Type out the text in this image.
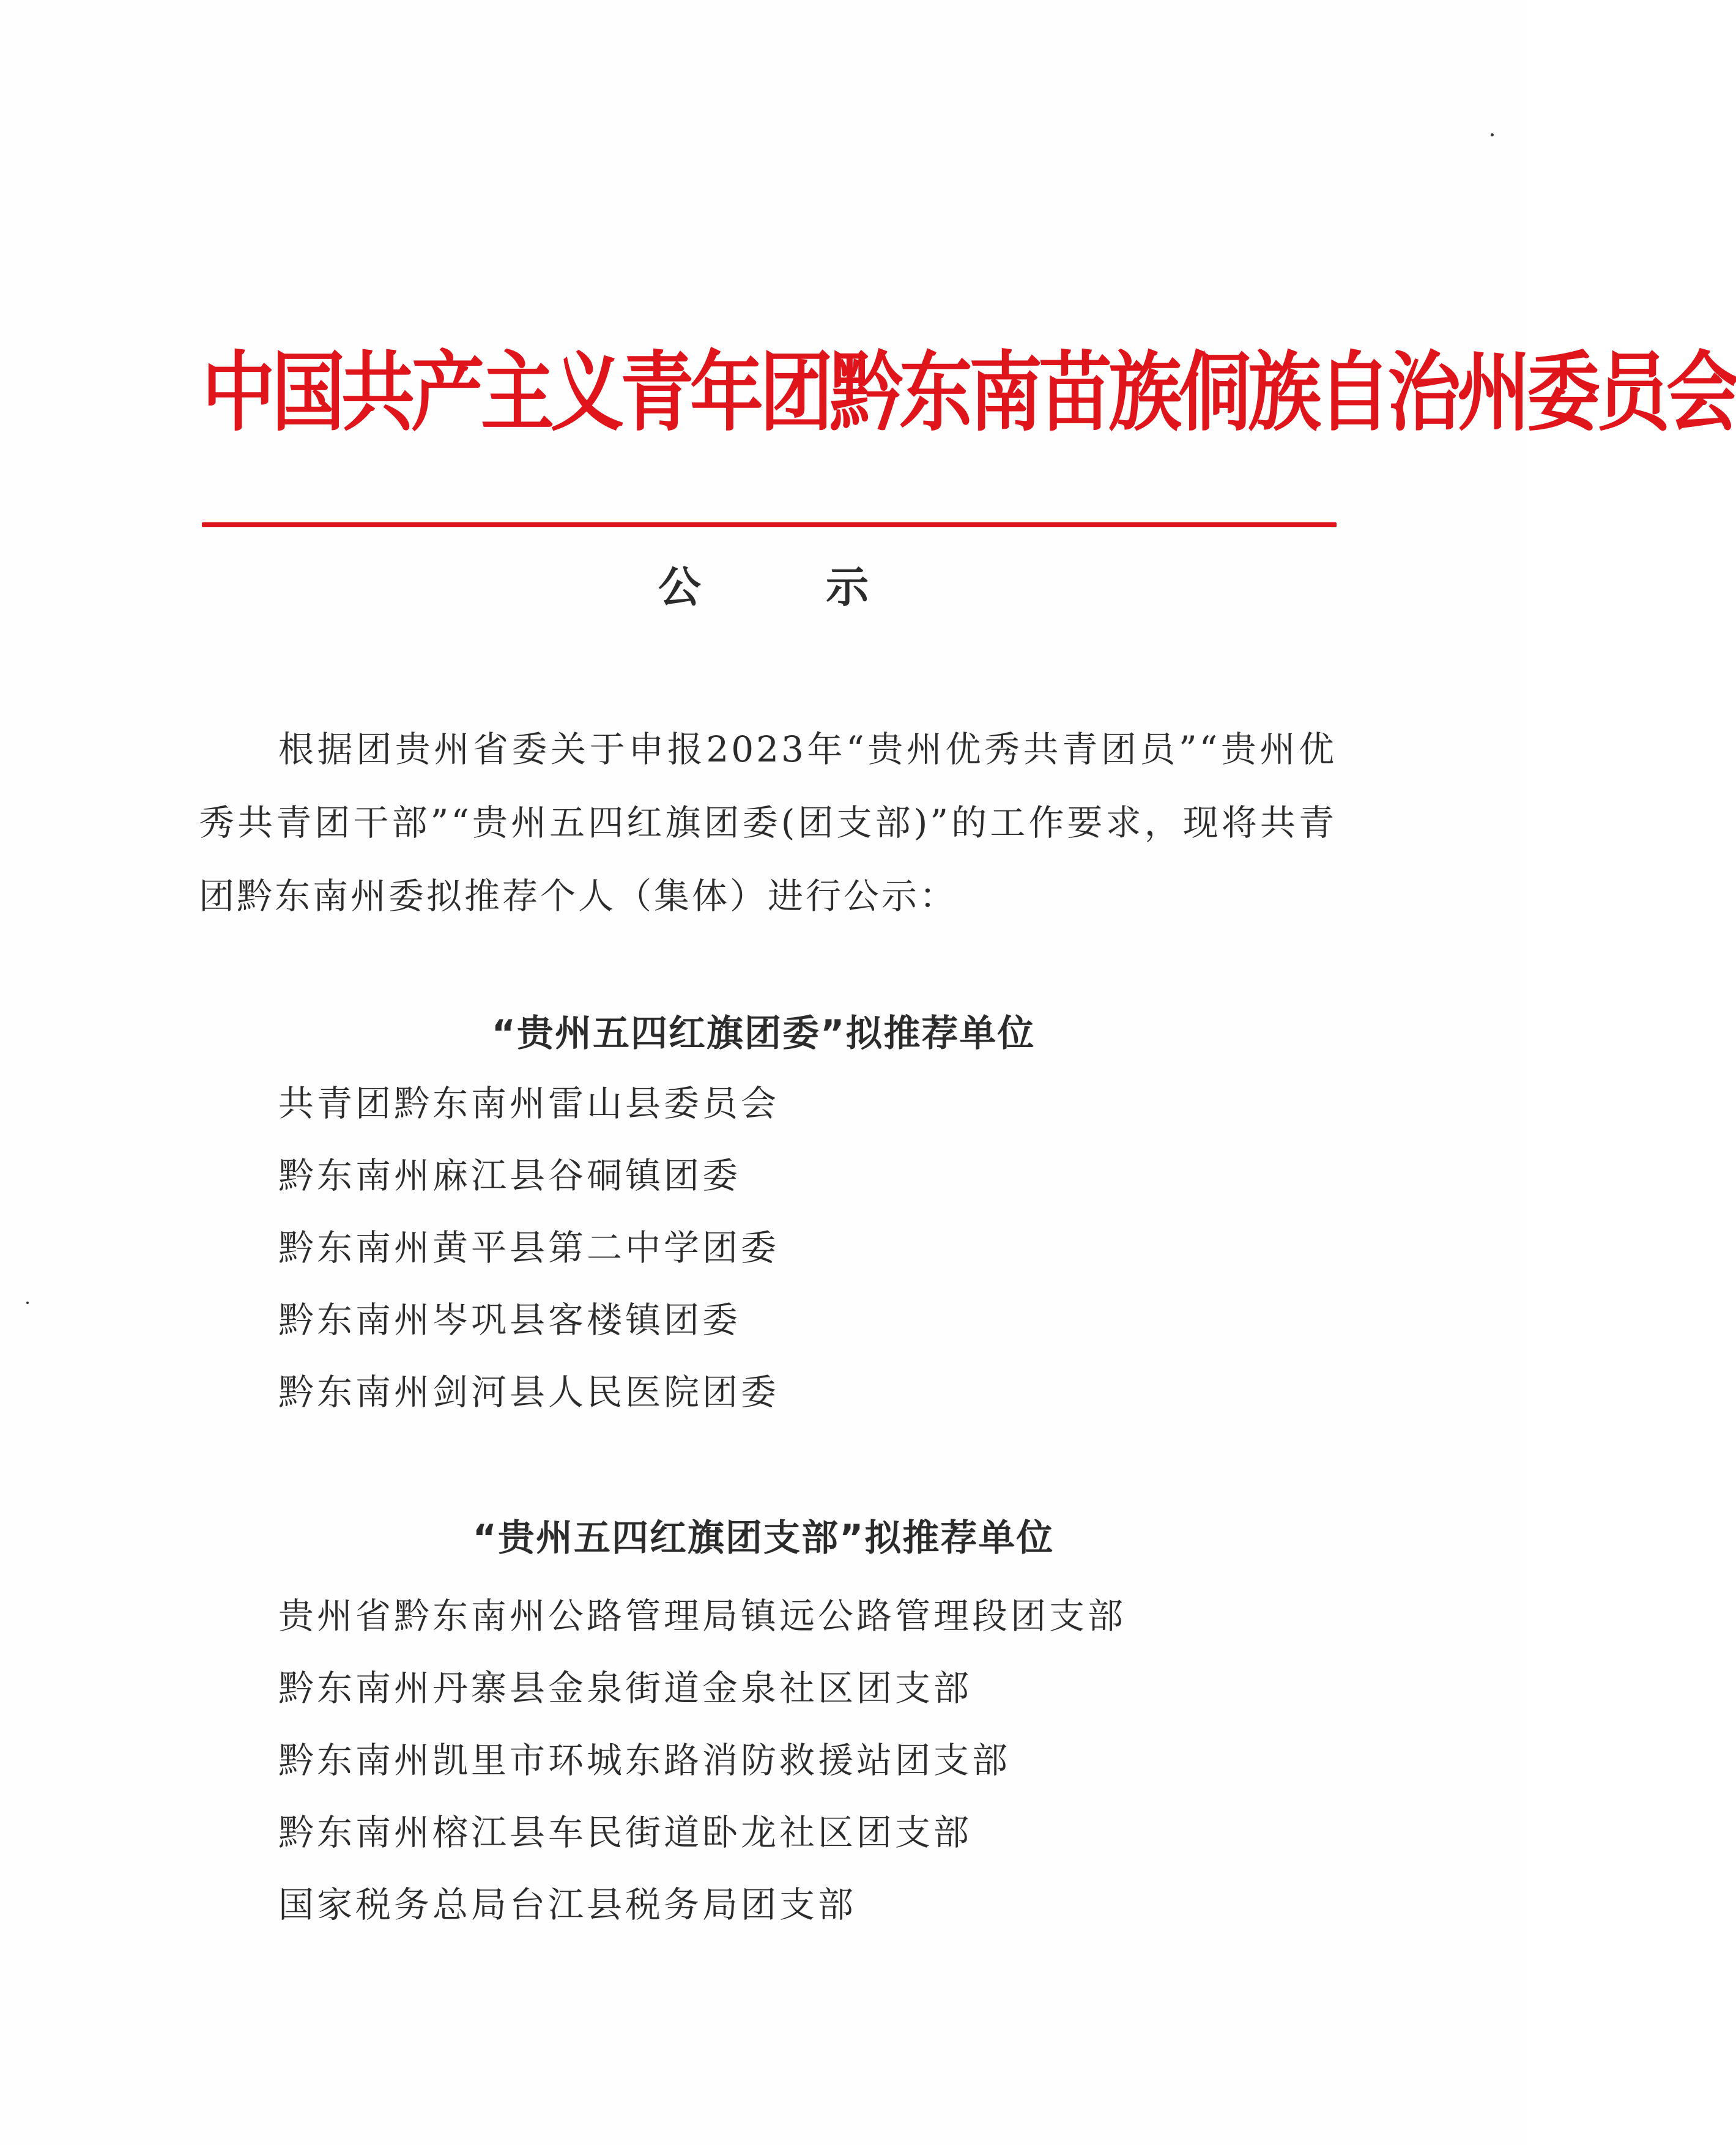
中国共产主义青年团黔东南苗族侗族自治州委员会
公 示
根据团贵州省委关于申报2023年“贵州优秀共青团员”“贵州优秀共青团干部”“贵州五四红旗团委(团支部)”的工作要求，现将共青团黔东南州委拟推荐个人（集体）进行公示：
“贵州五四红旗团委”拟推荐单位
共青团黔东南州雷山县委员会
黔东南州麻江县谷硐镇团委
黔东南州黄平县第二中学团委
黔东南州岑巩县客楼镇团委
黔东南州剑河县人民医院团委
“贵州五四红旗团支部”拟推荐单位
贵州省黔东南州公路管理局镇远公路管理段团支部
黔东南州丹寨县金泉街道金泉社区团支部
黔东南州凯里市环城东路消防救援站团支部
黔东南州榕江县车民街道卧龙社区团支部
国家税务总局台江县税务局团支部
